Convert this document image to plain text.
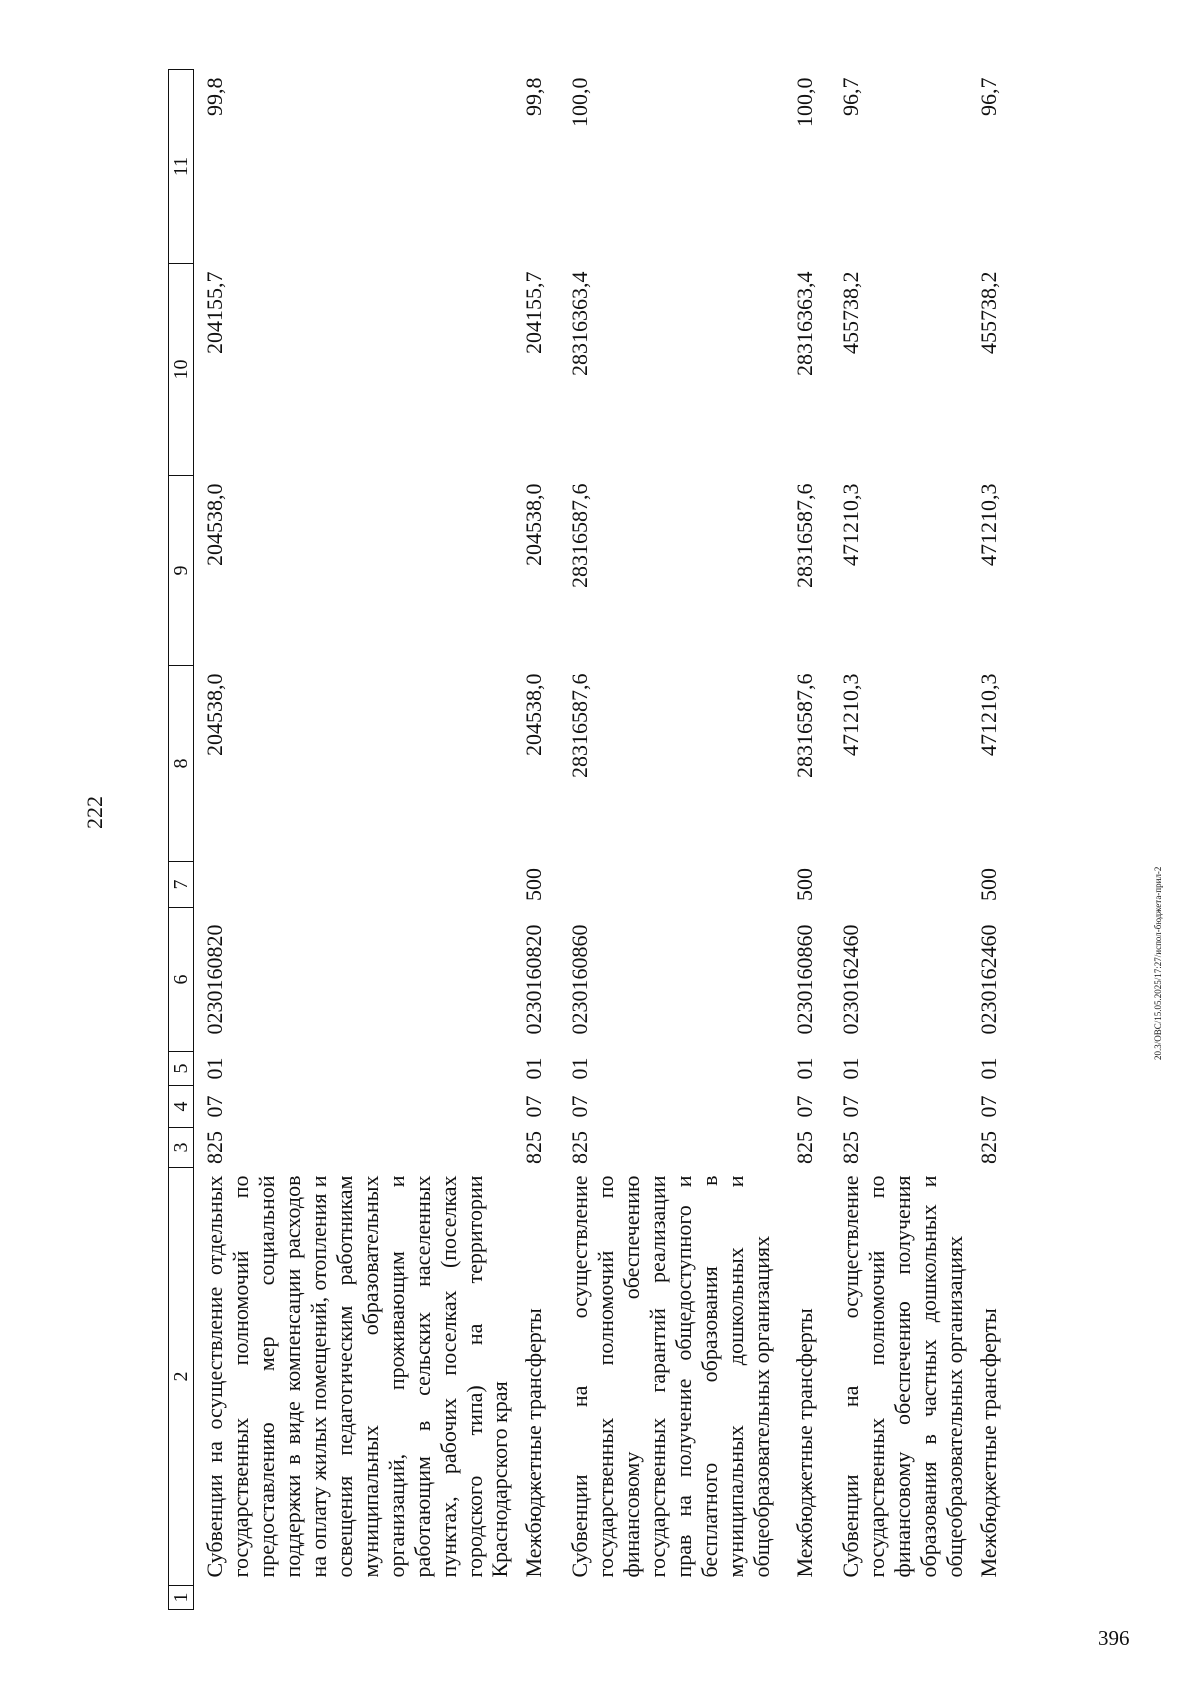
222
1	2	3	4	5	6	7	8	9	10	11
	Субвенции на осуществление отдельных государственных полномочий по предоставлению мер социальной поддержки в виде компенсации расходов на оплату жилых помещений, отопления и освещения педагогическим работникам муниципальных образовательных организаций, проживающим и работающим в сельских населенных пунктах, рабочих поселках (поселках городского типа) на территории Краснодарского края	825	07	01	0230160820		204538,0	204538,0	204155,7	99,8
	Межбюджетные трансферты	825	07	01	0230160820	500	204538,0	204538,0	204155,7	99,8
	Субвенции на осуществление государственных полномочий по финансовому обеспечению государственных гарантий реализации прав на получение общедоступного и бесплатного образования в муниципальных дошкольных и общеобразовательных организациях	825	07	01	0230160860		28316587,6	28316587,6	28316363,4	100,0
	Межбюджетные трансферты	825	07	01	0230160860	500	28316587,6	28316587,6	28316363,4	100,0
	Субвенции на осуществление государственных полномочий по финансовому обеспечению получения образования в частных дошкольных и общеобразовательных организациях	825	07	01	0230162460		471210,3	471210,3	455738,2	96,7
	Межбюджетные трансферты	825	07	01	0230162460	500	471210,3	471210,3	455738,2	96,7
20.3/OBC/15.05.2025/17:27/испол-бюджета-прил-2
396
